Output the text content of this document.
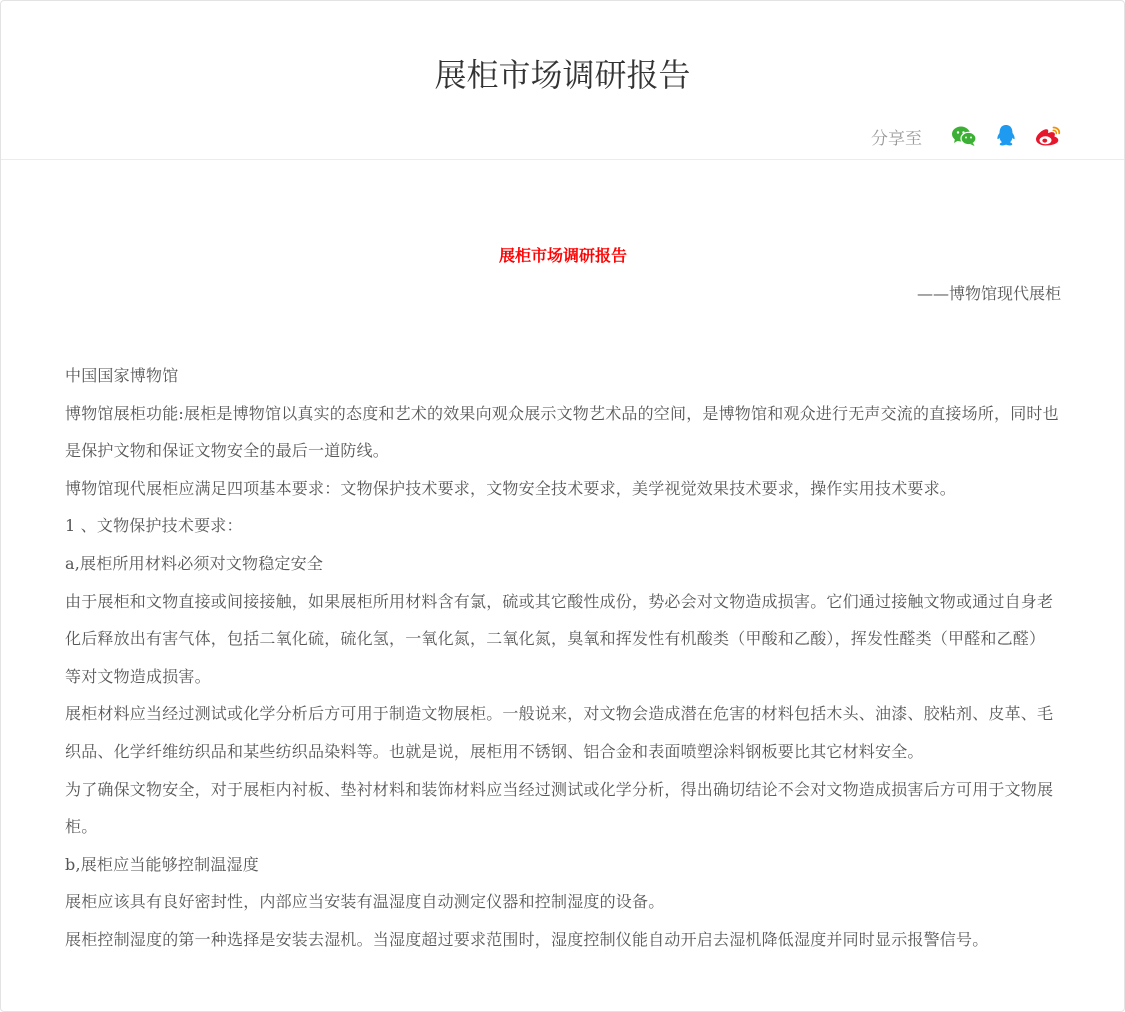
展柜市场调研报告
分享至

展柜市场调研报告

——博物馆现代展柜

中国国家博物馆

博物馆展柜功能:展柜是博物馆以真实的态度和艺术的效果向观众展示文物艺术品的空间，是博物馆和观众进行无声交流的直接场所，同时也是保护文物和保证文物安全的最后一道防线。

博物馆现代展柜应满足四项基本要求：文物保护技术要求，文物安全技术要求，美学视觉效果技术要求，操作实用技术要求。

1 、文物保护技术要求：

a,展柜所用材料必须对文物稳定安全

由于展柜和文物直接或间接接触，如果展柜所用材料含有氯，硫或其它酸性成份，势必会对文物造成损害。它们通过接触文物或通过自身老化后释放出有害气体，包括二氧化硫，硫化氢，一氧化氮，二氧化氮，臭氧和挥发性有机酸类（甲酸和乙酸），挥发性醛类（甲醛和乙醛）等对文物造成损害。

展柜材料应当经过测试或化学分析后方可用于制造文物展柜。一般说来，对文物会造成潜在危害的材料包括木头、油漆、胶粘剂、皮革、毛织品、化学纤维纺织品和某些纺织品染料等。也就是说，展柜用不锈钢、铝合金和表面喷塑涂料钢板要比其它材料安全。

为了确保文物安全，对于展柜内衬板、垫衬材料和装饰材料应当经过测试或化学分析，得出确切结论不会对文物造成损害后方可用于文物展柜。

b,展柜应当能够控制温湿度

展柜应该具有良好密封性，内部应当安装有温湿度自动测定仪器和控制湿度的设备。

展柜控制湿度的第一种选择是安装去湿机。当湿度超过要求范围时，湿度控制仪能自动开启去湿机降低湿度并同时显示报警信号。
